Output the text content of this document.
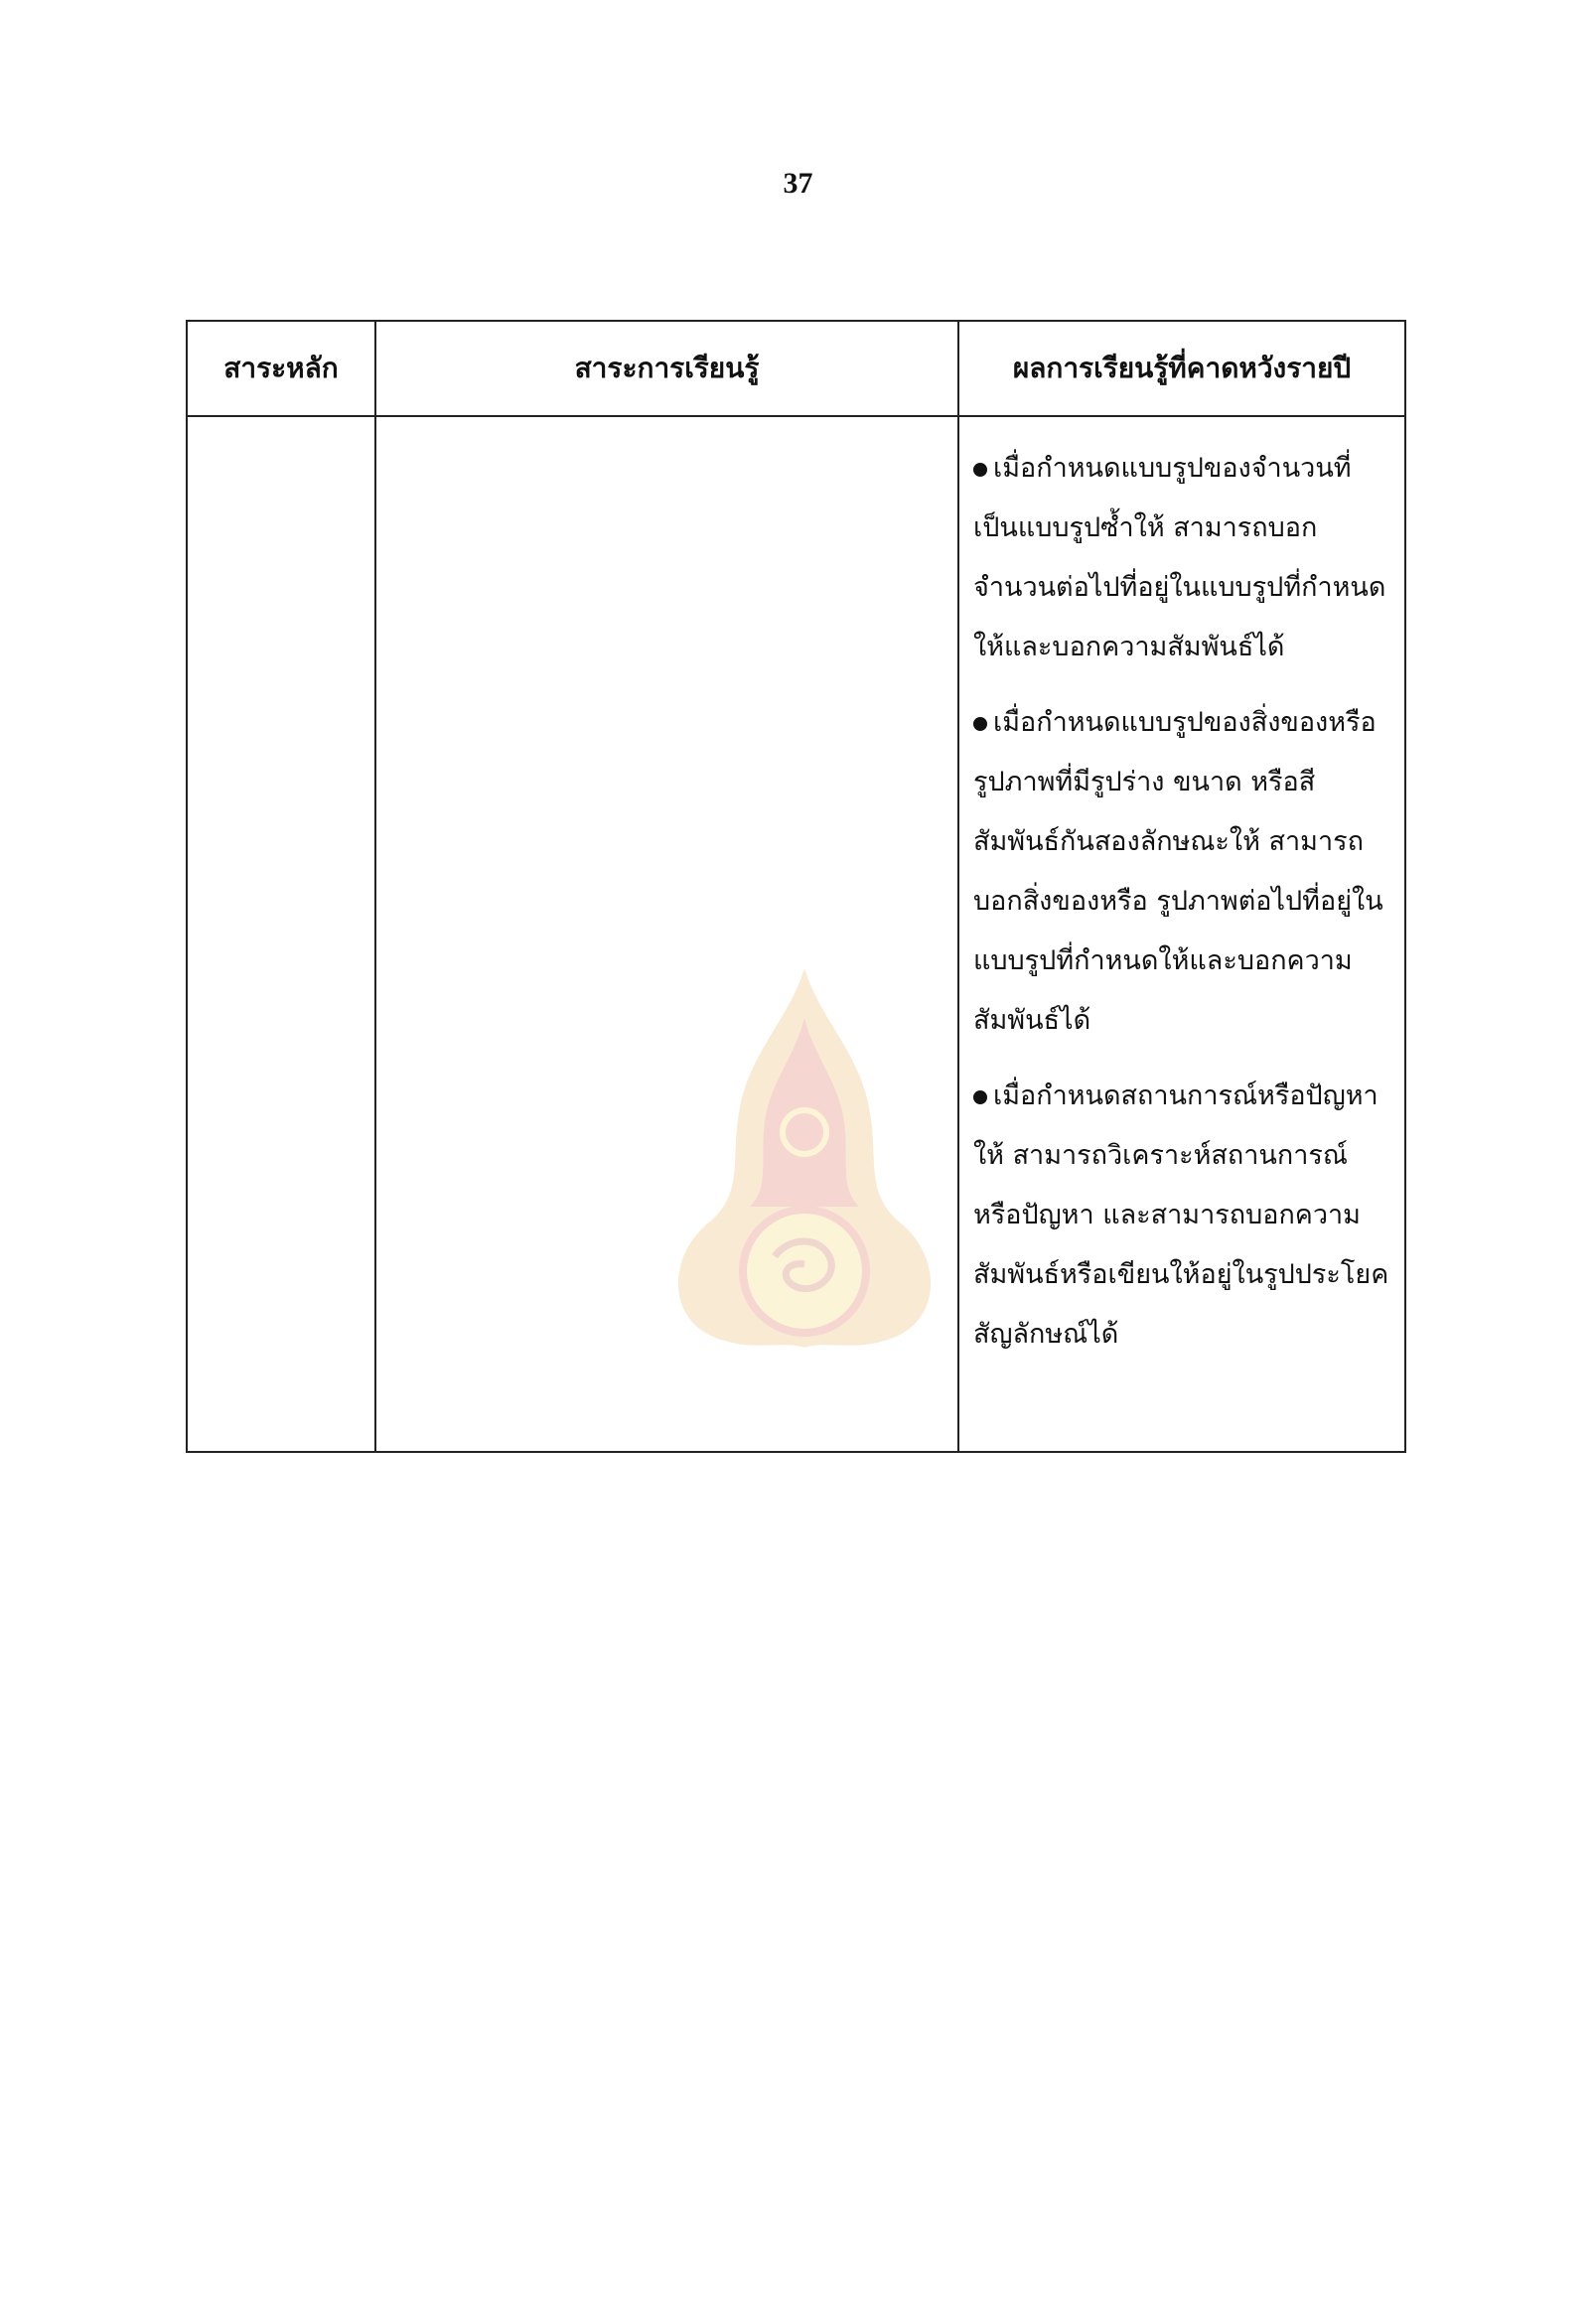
37
สาระหลัก	สาระการเรียนรู้	ผลการเรียนรู้ที่คาดหวังรายปี

		เมื่อกำหนดแบบรูปของจำนวนที่เป็นแบบรูปซ้ำให้ สามารถบอกจำนวนต่อไปที่อยู่ในแบบรูปที่กำหนดให้และบอกความสัมพันธ์ได้
เมื่อกำหนดแบบรูปของสิ่งของหรือรูปภาพที่มีรูปร่าง ขนาด หรือสีสัมพันธ์กันสองลักษณะให้ สามารถบอกสิ่งของหรือ รูปภาพต่อไปที่อยู่ในแบบรูปที่กำหนดให้และบอกความสัมพันธ์ได้
เมื่อกำหนดสถานการณ์หรือปัญหาให้ สามารถวิเคราะห์สถานการณ์หรือปัญหา และสามารถบอกความสัมพันธ์หรือเขียนให้อยู่ในรูปประโยคสัญลักษณ์ได้
